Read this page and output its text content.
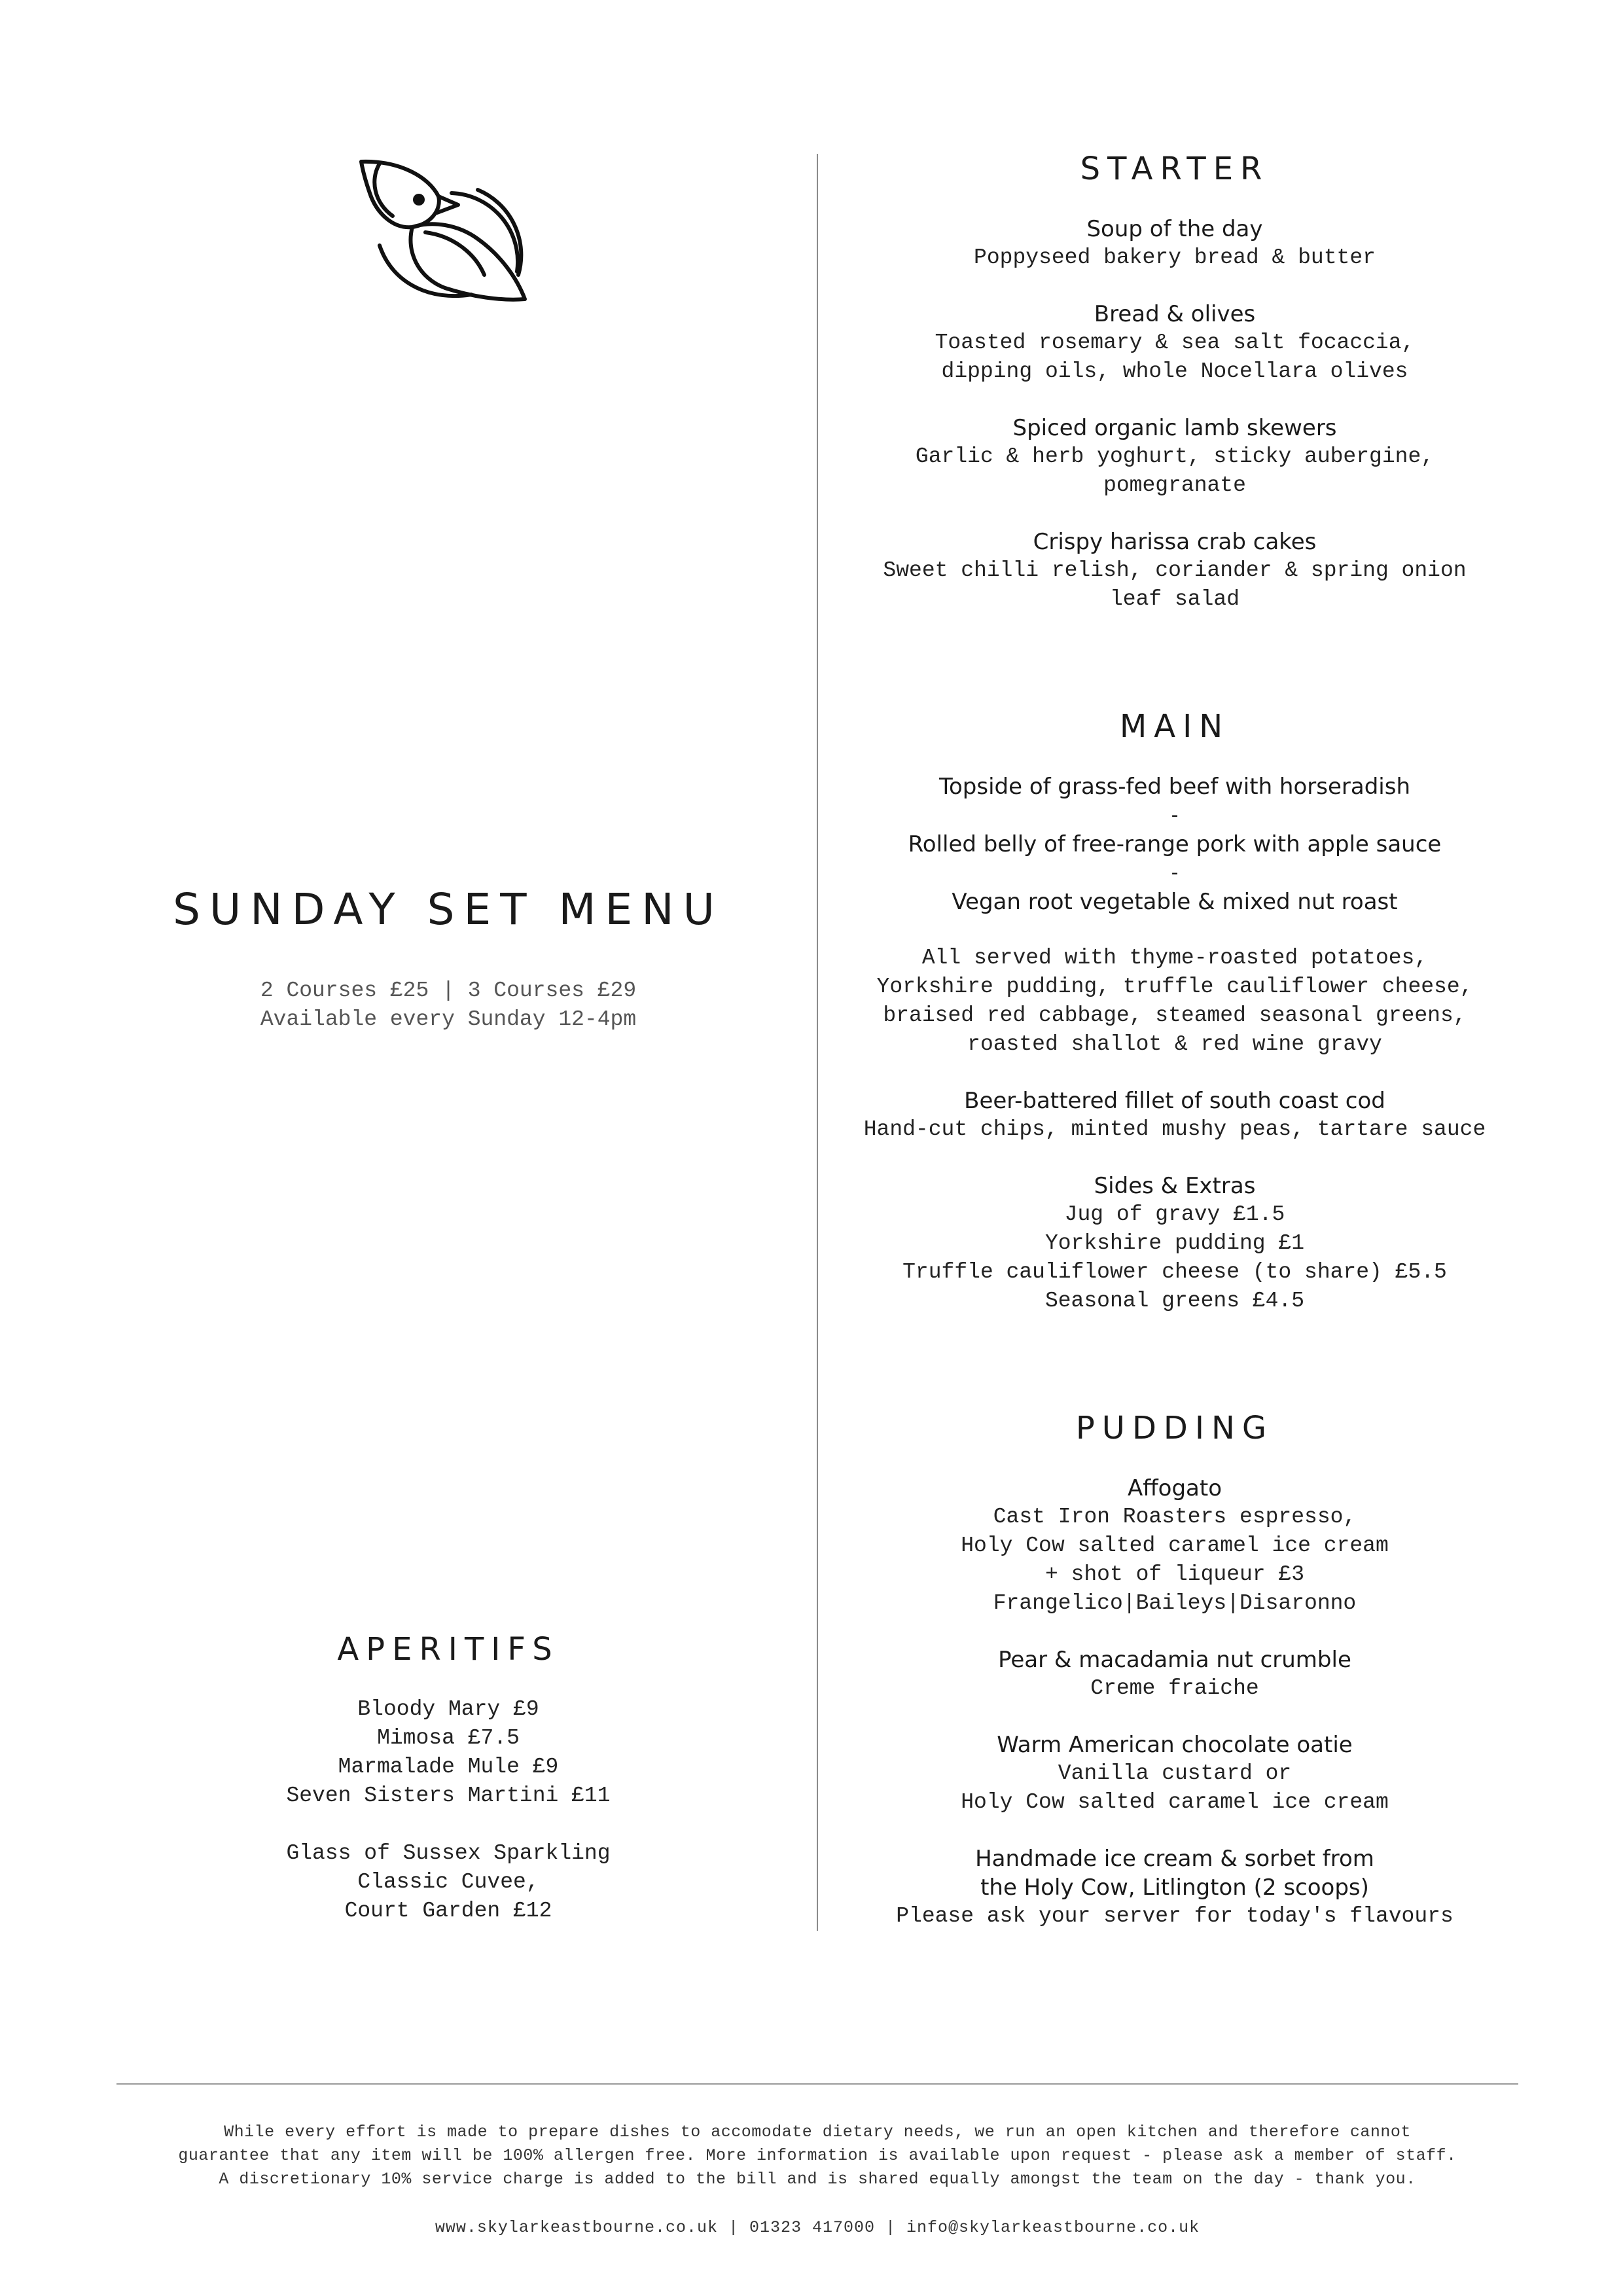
SUNDAY SET MENU

2 Courses £25 | 3 Courses £29

Available every Sunday 12-4pm

APERITIFS

Bloody Mary £9

Mimosa £7.5

Marmalade Mule £9

Seven Sisters Martini £11

Glass of Sussex Sparkling

Classic Cuvee,

Court Garden £12

STARTER

Soup of the day

Poppyseed bakery bread & butter

Bread & olives

Toasted rosemary & sea salt focaccia,

dipping oils, whole Nocellara olives

Spiced organic lamb skewers

Garlic & herb yoghurt, sticky aubergine,

pomegranate

Crispy harissa crab cakes

Sweet chilli relish, coriander & spring onion

leaf salad

MAIN

Topside of grass-fed beef with horseradish

-

Rolled belly of free-range pork with apple sauce

-

Vegan root vegetable & mixed nut roast

All served with thyme-roasted potatoes,

Yorkshire pudding, truffle cauliflower cheese,

braised red cabbage, steamed seasonal greens,

roasted shallot & red wine gravy

Beer-battered fillet of south coast cod

Hand-cut chips, minted mushy peas, tartare sauce

Sides & Extras

Jug of gravy £1.5

Yorkshire pudding £1

Truffle cauliflower cheese (to share) £5.5

Seasonal greens £4.5

PUDDING

Affogato

Cast Iron Roasters espresso,

Holy Cow salted caramel ice cream

+ shot of liqueur £3

Frangelico|Baileys|Disaronno

Pear & macadamia nut crumble

Creme fraiche

Warm American chocolate oatie

Vanilla custard or

Holy Cow salted caramel ice cream

Handmade ice cream & sorbet from

the Holy Cow, Litlington (2 scoops)

Please ask your server for today's flavours

While every effort is made to prepare dishes to accomodate dietary needs, we run an open kitchen and therefore cannot

guarantee that any item will be 100% allergen free. More information is available upon request - please ask a member of staff.

A discretionary 10% service charge is added to the bill and is shared equally amongst the team on the day - thank you.

www.skylarkeastbourne.co.uk | 01323 417000 | info@skylarkeastbourne.co.uk
